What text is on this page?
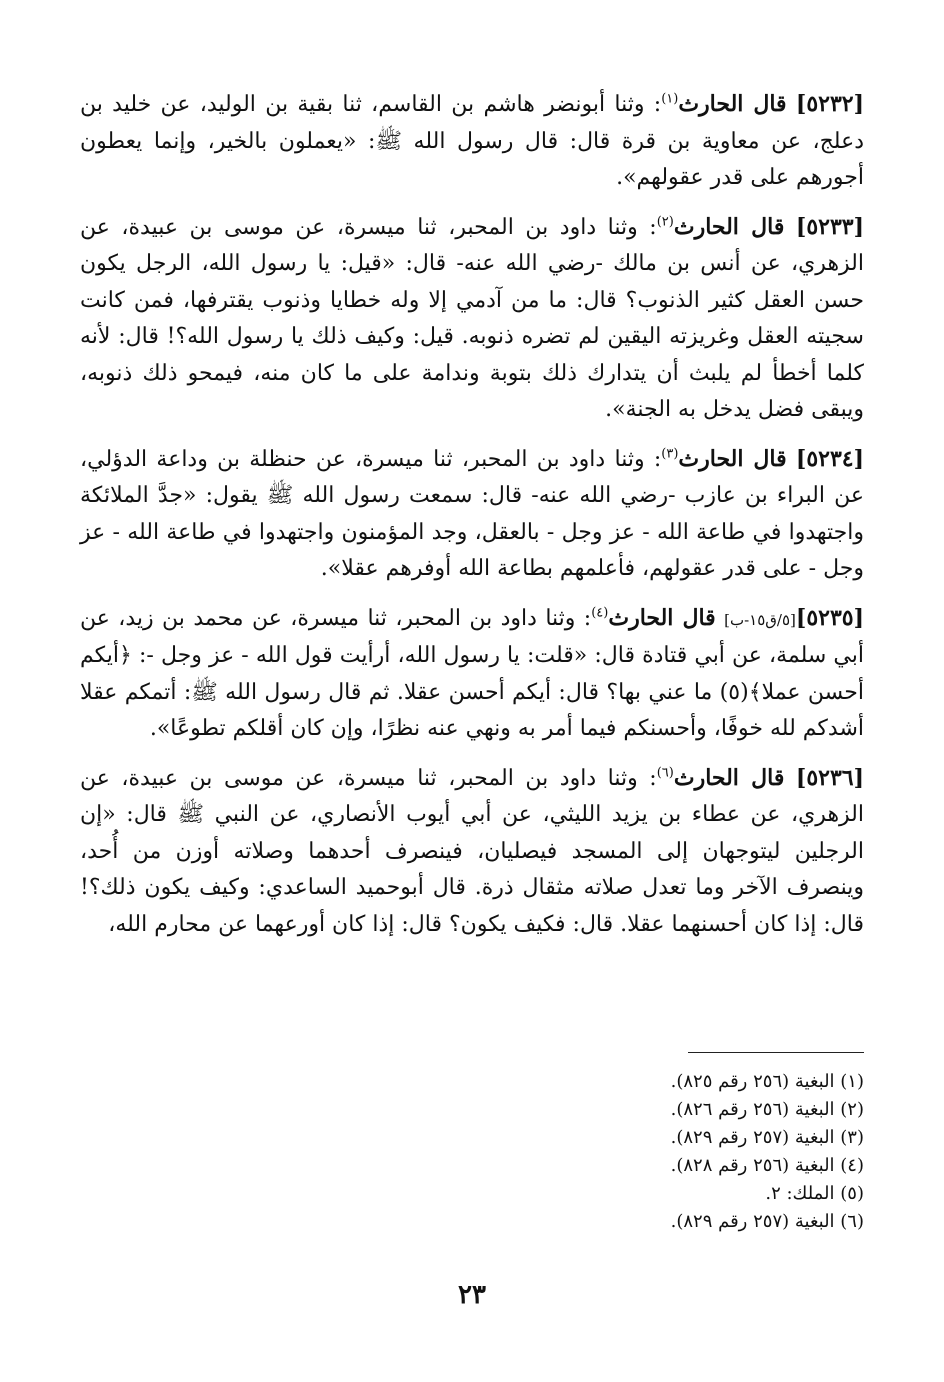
[٥٢٣٢] قال الحارث$^{(١)}$: وثنا أبونضر هاشم بن القاسم، ثنا بقية بن الوليد، عن خليد بن دعلج، عن معاوية بن قرة قال: قال رسول الله ﷺ: «يعملون بالخير، وإنما يعطون أجورهم على قدر عقولهم».

[٥٢٣٣] قال الحارث$^{(٢)}$: وثنا داود بن المحبر، ثنا ميسرة، عن موسى بن عبيدة، عن الزهري، عن أنس بن مالك -رضي الله عنه- قال: «قيل: يا رسول الله، الرجل يكون حسن العقل كثير الذنوب؟ قال: ما من آدمي إلا وله خطايا وذنوب يقترفها، فمن كانت سجيته العقل وغريزته اليقين لم تضره ذنوبه. قيل: وكيف ذلك يا رسول الله؟! قال: لأنه كلما أخطأ لم يلبث أن يتدارك ذلك بتوبة وندامة على ما كان منه، فيمحو ذلك ذنوبه، ويبقى فضل يدخل به الجنة».

[٥٢٣٤] قال الحارث$^{(٣)}$: وثنا داود بن المحبر، ثنا ميسرة، عن حنظلة بن وداعة الدؤلي، عن البراء بن عازب -رضي الله عنه- قال: سمعت رسول الله ﷺ يقول: «جدَّ الملائكة واجتهدوا في طاعة الله - عز وجل - بالعقل، وجد المؤمنون واجتهدوا في طاعة الله - عز وجل - على قدر عقولهم، فأعلمهم بطاعة الله أوفرهم عقلا».

[٥٢٣٥][٥/ق١٥-ب] قال الحارث$^{(٤)}$: وثنا داود بن المحبر، ثنا ميسرة، عن محمد بن زيد، عن أبي سلمة، عن أبي قتادة قال: «قلت: يا رسول الله، أرأيت قول الله - عز وجل -: ﴿أيكم أحسن عملا﴾(٥) ما عني بها؟ قال: أيكم أحسن عقلا. ثم قال رسول الله ﷺ: أتمكم عقلا أشدكم لله خوفًا، وأحسنكم فيما أمر به ونهي عنه نظرًا، وإن كان أقلكم تطوعًا».

[٥٢٣٦] قال الحارث$^{(٦)}$: وثنا داود بن المحبر، ثنا ميسرة، عن موسى بن عبيدة، عن الزهري، عن عطاء بن يزيد الليثي، عن أبي أيوب الأنصاري، عن النبي ﷺ قال: «إن الرجلين ليتوجهان إلى المسجد فيصليان، فينصرف أحدهما وصلاته أوزن من أُحد، وينصرف الآخر وما تعدل صلاته مثقال ذرة. قال أبوحميد الساعدي: وكيف يكون ذلك؟! قال: إذا كان أحسنهما عقلا. قال: فكيف يكون؟ قال: إذا كان أورعهما عن محارم الله،

(١) البغية (٢٥٦ رقم ٨٢٥).
(٢) البغية (٢٥٦ رقم ٨٢٦).
(٣) البغية (٢٥٧ رقم ٨٢٩).
(٤) البغية (٢٥٦ رقم ٨٢٨).
(٥) الملك: ٢.
(٦) البغية (٢٥٧ رقم ٨٢٩).
٢٣
